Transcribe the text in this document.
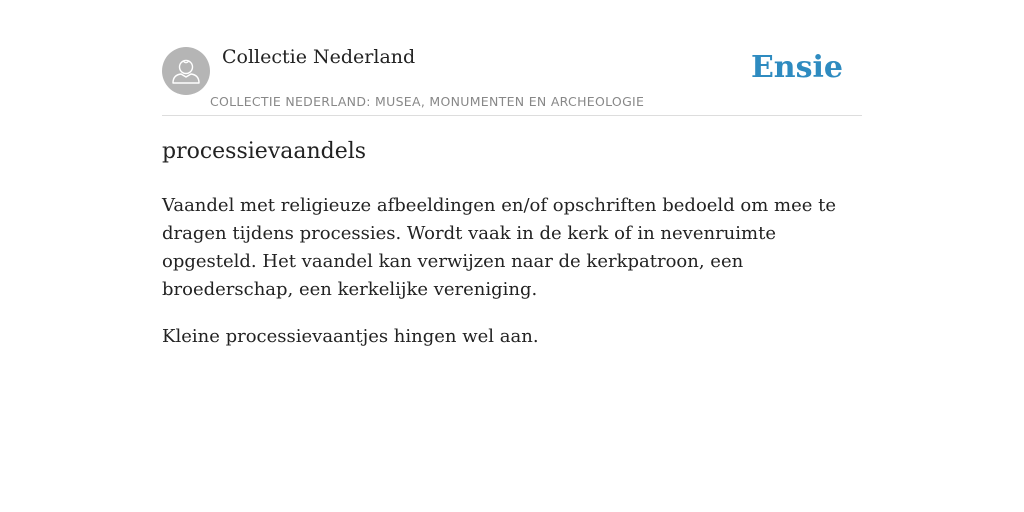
Collectie Nederland
COLLECTIE NEDERLAND: MUSEA, MONUMENTEN EN ARCHEOLOGIE
Ensie
processievaandels

Vaandel met religieuze afbeeldingen en/of opschriften bedoeld om mee te dragen tijdens processies. Wordt vaak in de kerk of in nevenruimte opgesteld. Het vaandel kan verwijzen naar de kerkpatroon, een broederschap, een kerkelijke vereniging.

Kleine processievaantjes hingen wel aan.
